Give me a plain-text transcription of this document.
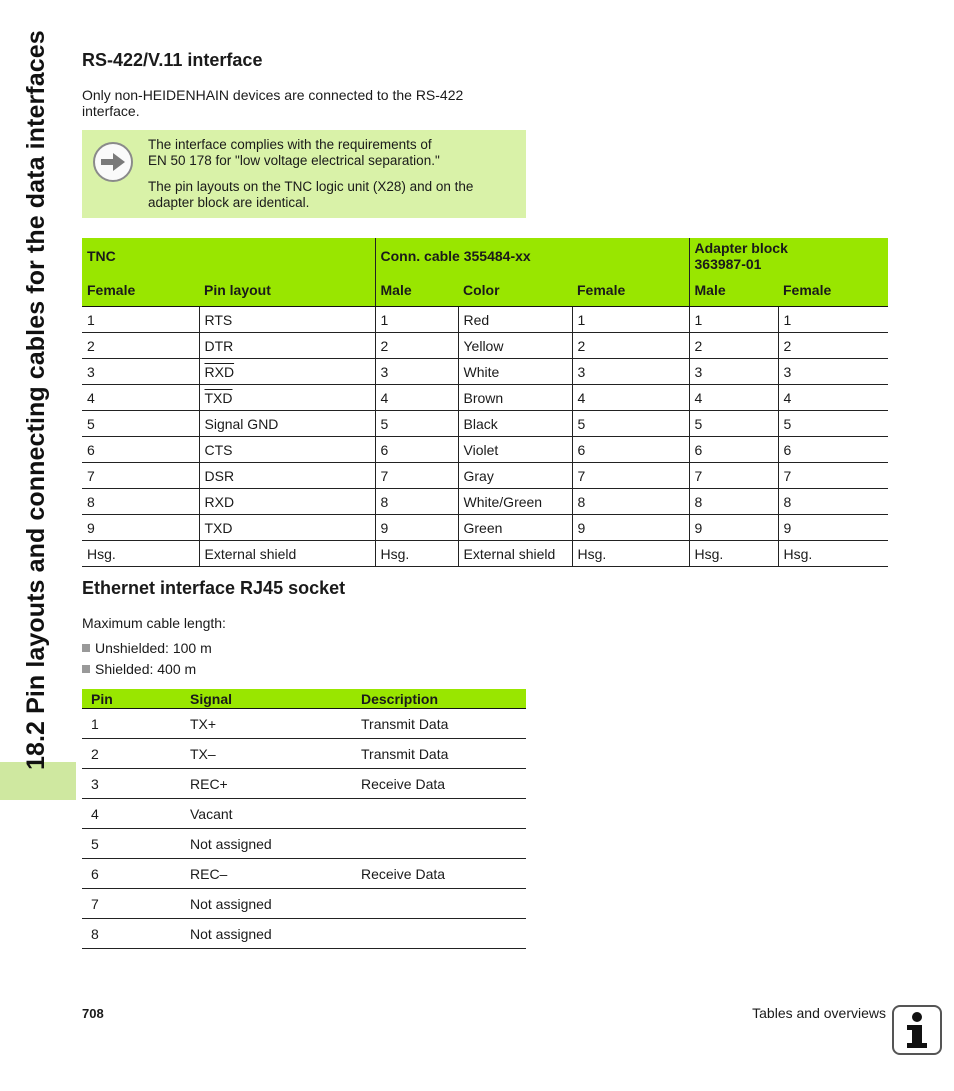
18.2 Pin layouts and connecting cables for the data interfaces RS-422/V.11 interface

Only non-HEIDENHAIN devices are connected to the RS-422 interface.

The interface complies with the requirements of
EN 50 178 for "low voltage electrical separation."

The pin layouts on the TNC logic unit (X28) and on the
adapter block are identical.

TNC		Conn. cable 355484-xx			Adapter block
363987-01	
Female	Pin layout	Male	Color	Female	Male	Female
1	RTS	1	Red	1	1	1
2	DTR	2	Yellow	2	2	2
3	$\overline{RXD}$	3	White	3	3	3
4	$\overline{TXD}$	4	Brown	4	4	4
5	Signal GND	5	Black	5	5	5
6	CTS	6	Violet	6	6	6
7	DSR	7	Gray	7	7	7
8	RXD	8	White/Green	8	8	8
9	TXD	9	Green	9	9	9
Hsg.	External shield	Hsg.	External shield	Hsg.	Hsg.	Hsg.
Ethernet interface RJ45 socket

Maximum cable length:

Unshielded: 100 m
Shielded: 400 m
Pin	Signal	Description
1	TX+	Transmit Data
2	TX–	Transmit Data
3	REC+	Receive Data
4	Vacant	
5	Not assigned	
6	REC–	Receive Data
7	Not assigned	
8	Not assigned	
708	Tables and overviews
